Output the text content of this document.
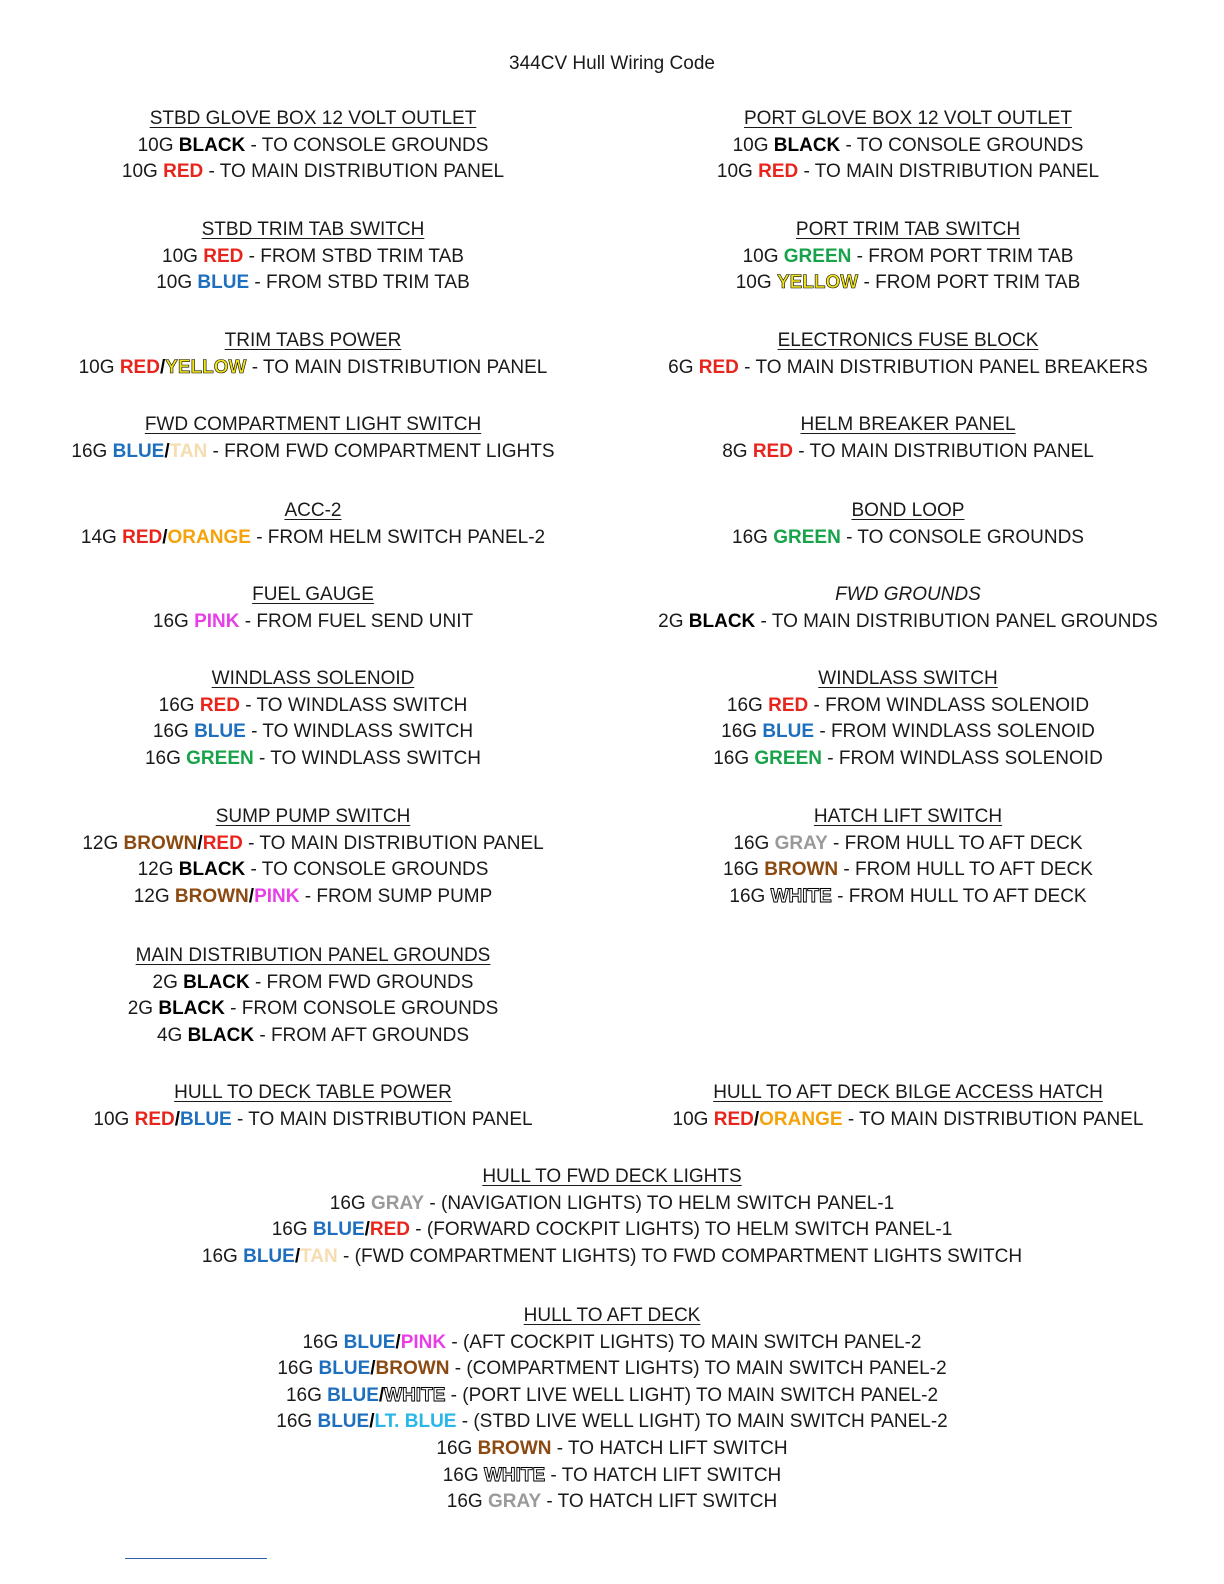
344CV Hull Wiring Code
STBD GLOVE BOX 12 VOLT OUTLET
10G BLACK - TO CONSOLE GROUNDS
10G RED - TO MAIN DISTRIBUTION PANEL
PORT GLOVE BOX 12 VOLT OUTLET
10G BLACK - TO CONSOLE GROUNDS
10G RED - TO MAIN DISTRIBUTION PANEL
STBD TRIM TAB SWITCH
10G RED - FROM STBD TRIM TAB
10G BLUE - FROM STBD TRIM TAB
PORT TRIM TAB SWITCH
10G GREEN - FROM PORT TRIM TAB
10G YELLOW - FROM PORT TRIM TAB
TRIM TABS POWER
10G RED/YELLOW - TO MAIN DISTRIBUTION PANEL
ELECTRONICS FUSE BLOCK
6G RED - TO MAIN DISTRIBUTION PANEL BREAKERS
FWD COMPARTMENT LIGHT SWITCH
16G BLUE/TAN - FROM FWD COMPARTMENT LIGHTS
HELM BREAKER PANEL
8G RED - TO MAIN DISTRIBUTION PANEL
ACC-2
14G RED/ORANGE - FROM HELM SWITCH PANEL-2
BOND LOOP
16G GREEN - TO CONSOLE GROUNDS
FUEL GAUGE
16G PINK - FROM FUEL SEND UNIT
FWD GROUNDS
2G BLACK - TO MAIN DISTRIBUTION PANEL GROUNDS
WINDLASS SOLENOID
16G RED - TO WINDLASS SWITCH
16G BLUE - TO WINDLASS SWITCH
16G GREEN - TO WINDLASS SWITCH
WINDLASS SWITCH
16G RED - FROM WINDLASS SOLENOID
16G BLUE - FROM WINDLASS SOLENOID
16G GREEN - FROM WINDLASS SOLENOID
SUMP PUMP SWITCH
12G BROWN/RED - TO MAIN DISTRIBUTION PANEL
12G BLACK - TO CONSOLE GROUNDS
12G BROWN/PINK - FROM SUMP PUMP
HATCH LIFT SWITCH
16G GRAY - FROM HULL TO AFT DECK
16G BROWN - FROM HULL TO AFT DECK
16G WHITE - FROM HULL TO AFT DECK
MAIN DISTRIBUTION PANEL GROUNDS
2G BLACK - FROM FWD GROUNDS
2G BLACK - FROM CONSOLE GROUNDS
4G BLACK - FROM AFT GROUNDS
HULL TO DECK TABLE POWER
10G RED/BLUE - TO MAIN DISTRIBUTION PANEL
HULL TO AFT DECK BILGE ACCESS HATCH
10G RED/ORANGE - TO MAIN DISTRIBUTION PANEL
HULL TO FWD DECK LIGHTS
16G GRAY - (NAVIGATION LIGHTS) TO HELM SWITCH PANEL-1
16G BLUE/RED - (FORWARD COCKPIT LIGHTS) TO HELM SWITCH PANEL-1
16G BLUE/TAN - (FWD COMPARTMENT LIGHTS) TO FWD COMPARTMENT LIGHTS SWITCH
HULL TO AFT DECK
16G BLUE/PINK - (AFT COCKPIT LIGHTS) TO MAIN SWITCH PANEL-2
16G BLUE/BROWN - (COMPARTMENT LIGHTS) TO MAIN SWITCH PANEL-2
16G BLUE/WHITE - (PORT LIVE WELL LIGHT) TO MAIN SWITCH PANEL-2
16G BLUE/LT. BLUE - (STBD LIVE WELL LIGHT) TO MAIN SWITCH PANEL-2
16G BROWN - TO HATCH LIFT SWITCH
16G WHITE - TO HATCH LIFT SWITCH
16G GRAY - TO HATCH LIFT SWITCH
